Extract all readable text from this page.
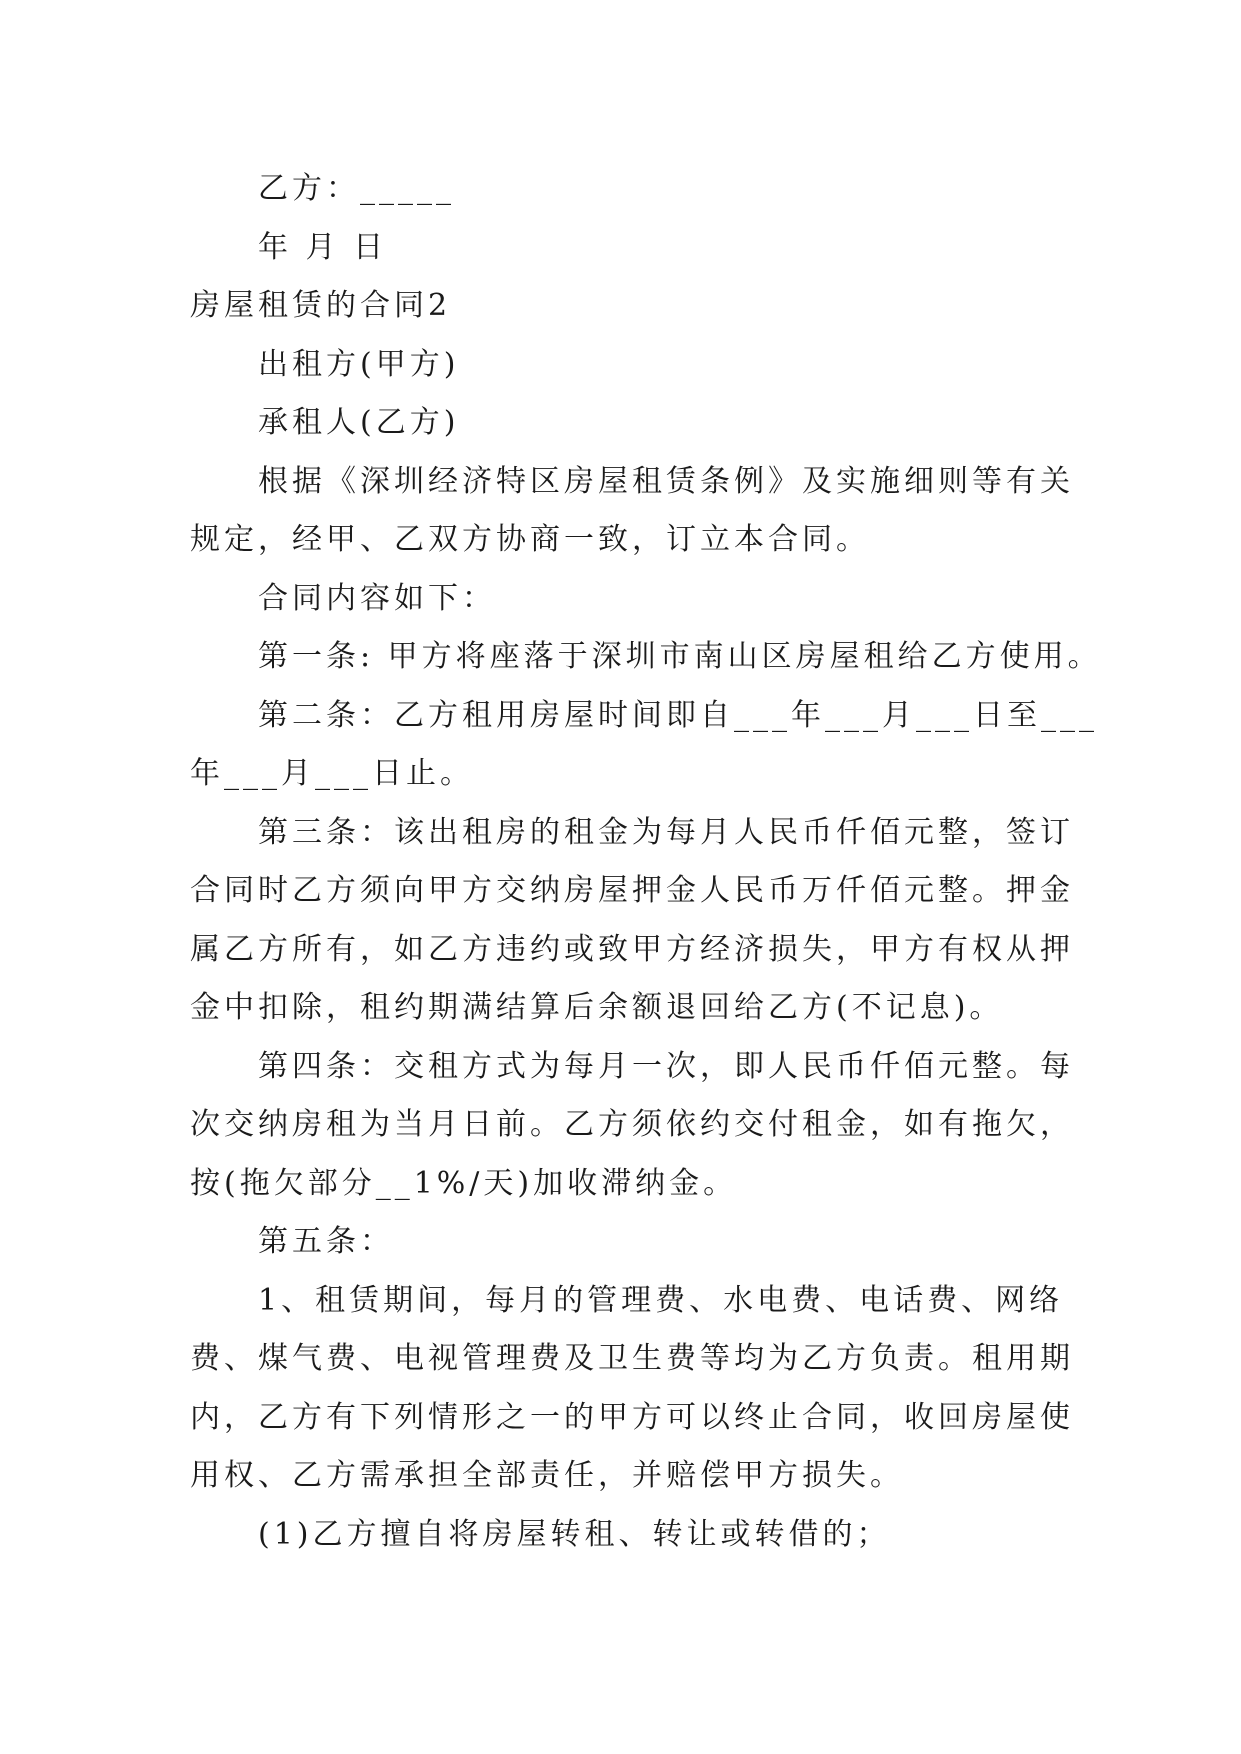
乙方：_____
年 月 日
房屋租赁的合同2
出租方(甲方)
承租人(乙方)
根据《深圳经济特区房屋租赁条例》及实施细则等有关
规定，经甲、乙双方协商一致，订立本合同。
合同内容如下：
第一条: 甲方将座落于深圳市南山区房屋租给乙方使用。
第二条：乙方租用房屋时间即自___年___月___日至___
年___月___日止。
第三条：该出租房的租金为每月人民币仟佰元整，签订
合同时乙方须向甲方交纳房屋押金人民币万仟佰元整。押金
属乙方所有，如乙方违约或致甲方经济损失，甲方有权从押
金中扣除，租约期满结算后余额退回给乙方(不记息)。
第四条：交租方式为每月一次，即人民币仟佰元整。每
次交纳房租为当月日前。乙方须依约交付租金，如有拖欠，
按(拖欠部分__1%/天)加收滞纳金。
第五条：
1、租赁期间，每月的管理费、水电费、电话费、网络
费、煤气费、电视管理费及卫生费等均为乙方负责。租用期
内，乙方有下列情形之一的甲方可以终止合同，收回房屋使
用权、乙方需承担全部责任，并赔偿甲方损失。
(1)乙方擅自将房屋转租、转让或转借的；
